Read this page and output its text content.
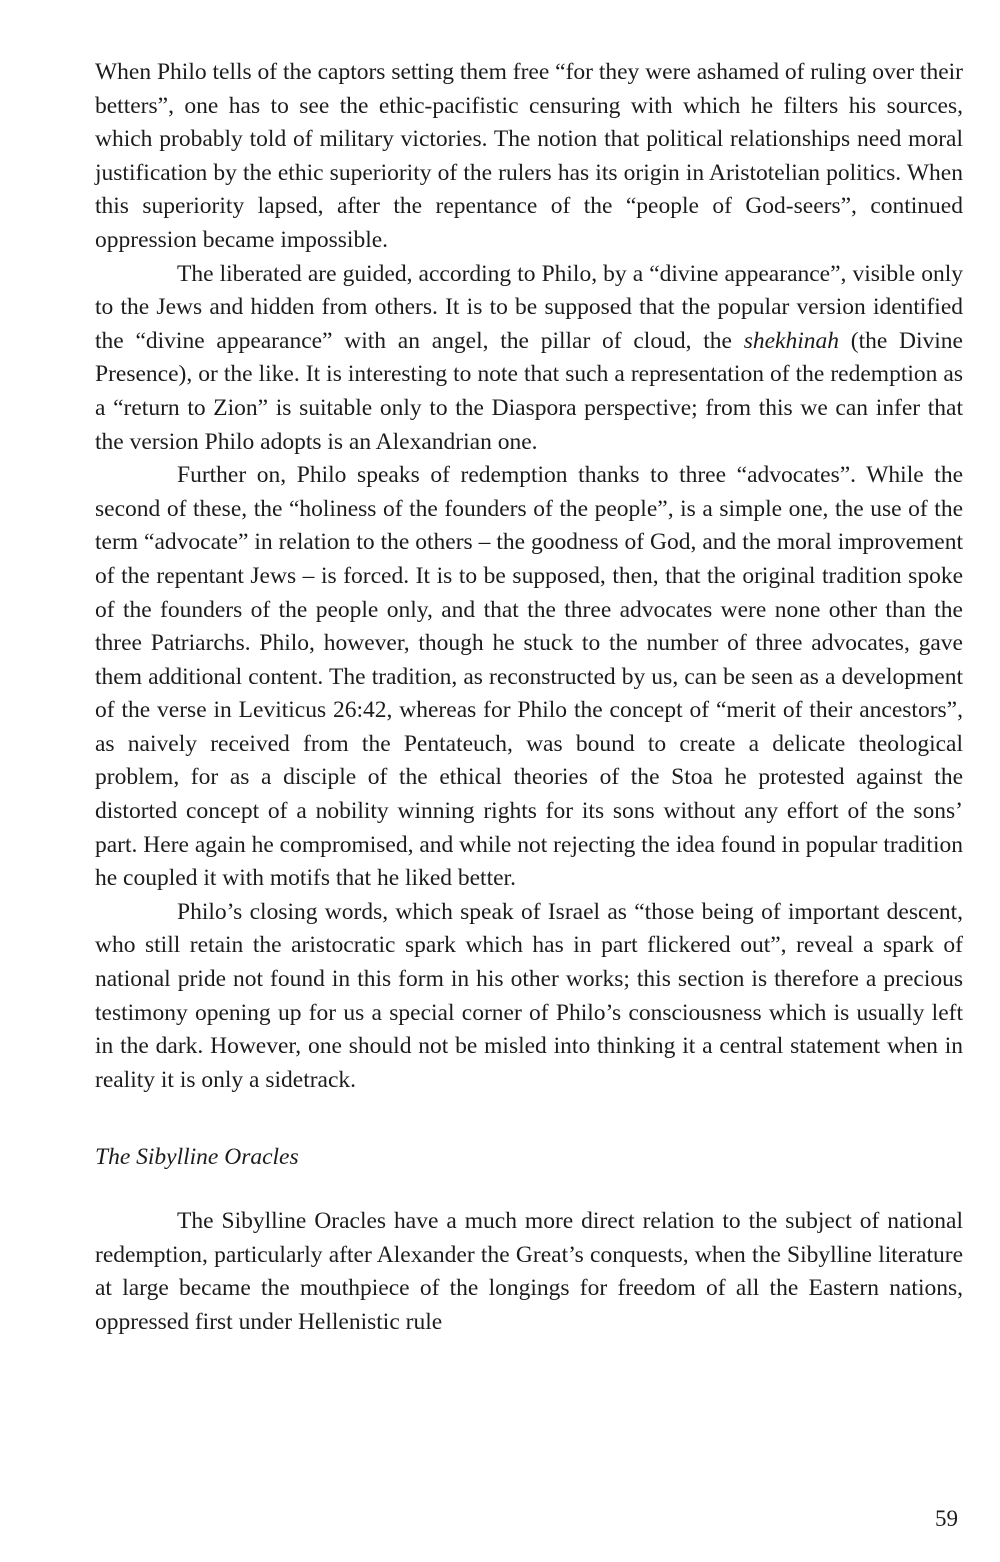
When Philo tells of the captors setting them free “for they were ashamed of ruling over their betters”, one has to see the ethic-pacifistic censuring with which he filters his sources, which probably told of military victories. The notion that political relationships need moral justification by the ethic superiority of the rulers has its origin in Aristotelian politics. When this superiority lapsed, after the repentance of the “people of God-seers”, continued oppression became impossible.

The liberated are guided, according to Philo, by a “divine appearance”, visible only to the Jews and hidden from others. It is to be supposed that the popular version identified the “divine appearance” with an angel, the pillar of cloud, the shekhinah (the Divine Presence), or the like. It is interesting to note that such a representation of the redemption as a “return to Zion” is suitable only to the Diaspora perspective; from this we can infer that the version Philo adopts is an Alexandrian one.

Further on, Philo speaks of redemption thanks to three “advocates”. While the second of these, the “holiness of the founders of the people”, is a simple one, the use of the term “advocate” in relation to the others – the goodness of God, and the moral improvement of the repentant Jews – is forced. It is to be supposed, then, that the original tradition spoke of the founders of the people only, and that the three advocates were none other than the three Patriarchs. Philo, however, though he stuck to the number of three advocates, gave them additional content. The tradition, as reconstructed by us, can be seen as a development of the verse in Leviticus 26:42, whereas for Philo the concept of “merit of their ancestors”, as naively received from the Pentateuch, was bound to create a delicate theological problem, for as a disciple of the ethical theories of the Stoa he protested against the distorted concept of a nobility winning rights for its sons without any effort of the sons’ part. Here again he compromised, and while not rejecting the idea found in popular tradition he coupled it with motifs that he liked better.

Philo’s closing words, which speak of Israel as “those being of important descent, who still retain the aristocratic spark which has in part flickered out”, reveal a spark of national pride not found in this form in his other works; this section is therefore a precious testimony opening up for us a special corner of Philo’s consciousness which is usually left in the dark. However, one should not be misled into thinking it a central statement when in reality it is only a sidetrack.

The Sibylline Oracles

The Sibylline Oracles have a much more direct relation to the subject of national redemption, particularly after Alexander the Great’s conquests, when the Sibylline literature at large became the mouthpiece of the longings for freedom of all the Eastern nations, oppressed first under Hellenistic rule

59
